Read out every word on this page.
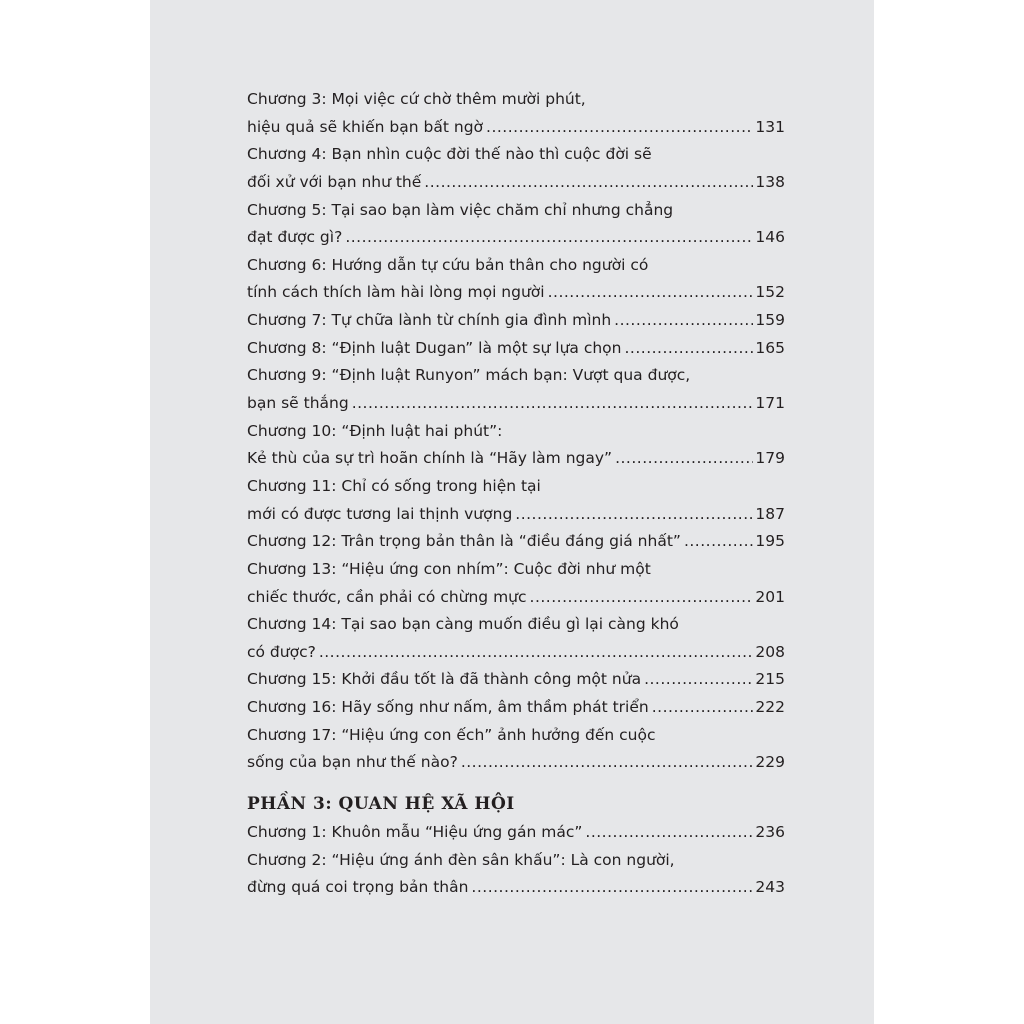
Chương 3: Mọi việc cứ chờ thêm mười phút,
hiệu quả sẽ khiến bạn bất ngờ .....	131
Chương 4: Bạn nhìn cuộc đời thế nào thì cuộc đời sẽ
đối xử với bạn như thế .....	138
Chương 5: Tại sao bạn làm việc chăm chỉ nhưng chẳng
đạt được gì? .....	146
Chương 6: Hướng dẫn tự cứu bản thân cho người có
tính cách thích làm hài lòng mọi người .....	152
Chương 7: Tự chữa lành từ chính gia đình mình .....	159
Chương 8: “Định luật Dugan” là một sự lựa chọn .....	165
Chương 9: “Định luật Runyon” mách bạn: Vượt qua được,
bạn sẽ thắng .....	171
Chương 10: “Định luật hai phút”:
Kẻ thù của sự trì hoãn chính là “Hãy làm ngay” .....	179
Chương 11: Chỉ có sống trong hiện tại
mới có được tương lai thịnh vượng .....	187
Chương 12: Trân trọng bản thân là “điều đáng giá nhất” .....	195
Chương 13: “Hiệu ứng con nhím”: Cuộc đời như một
chiếc thước, cần phải có chừng mực .....	201
Chương 14: Tại sao bạn càng muốn điều gì lại càng khó
có được? .....	208
Chương 15: Khởi đầu tốt là đã thành công một nửa .....	215
Chương 16: Hãy sống như nấm, âm thầm phát triển .....	222
Chương 17: “Hiệu ứng con ếch” ảnh hưởng đến cuộc
sống của bạn như thế nào? .....	229
PHẦN 3: QUAN HỆ XÃ HỘI
Chương 1: Khuôn mẫu “Hiệu ứng gán mác” .....	236
Chương 2: “Hiệu ứng ánh đèn sân khấu”: Là con người,
đừng quá coi trọng bản thân .....	243
